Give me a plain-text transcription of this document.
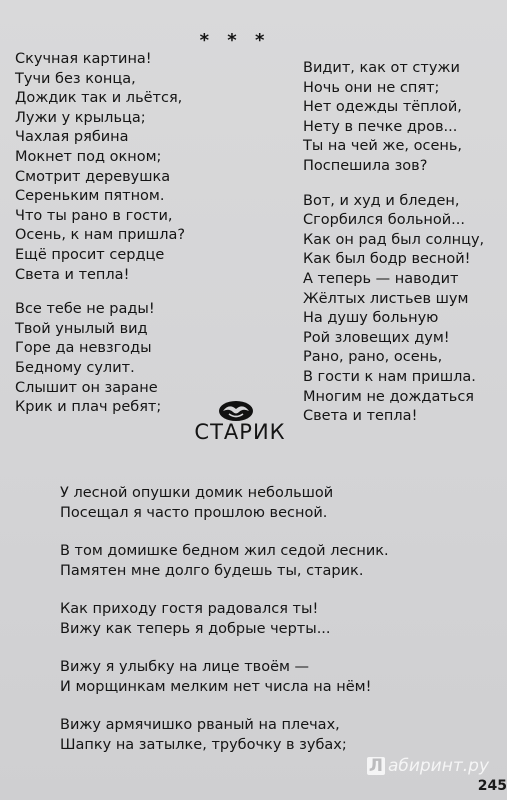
* * *
Скучная картина!
Тучи без конца,
Дождик так и льётся,
Лужи у крыльца;
Чахлая рябина
Мокнет под окном;
Смотрит деревушка
Сереньким пятном.
Что ты рано в гости,
Осень, к нам пришла?
Ещё просит сердце
Света и тепла!
Все тебе не рады!
Твой унылый вид
Горе да невзгоды
Бедному сулит.
Слышит он заране
Крик и плач ребят;
Видит, как от стужи
Ночь они не спят;
Нет одежды тёплой,
Нету в печке дров...
Ты на чей же, осень,
Поспешила зов?
Вот, и худ и бледен,
Сгорбился больной...
Как он рад был солнцу,
Как был бодр весной!
А теперь — наводит
Жёлтых листьев шум
На душу больную
Рой зловещих дум!
Рано, рано, осень,
В гости к нам пришла.
Многим не дождаться
Света и тепла!
СТАРИК
У лесной опушки домик небольшой
Посещал я часто прошлою весной.
В том домишке бедном жил седой лесник.
Памятен мне долго будешь ты, старик.
Как приходу гостя радовался ты!
Вижу как теперь я добрые черты...
Вижу я улыбку на лице твоём —
И морщинкам мелким нет числа на нём!
Вижу армячишко рваный на плечах,
Шапку на затылке, трубочку в зубах;
Л абиринт.ру
245
